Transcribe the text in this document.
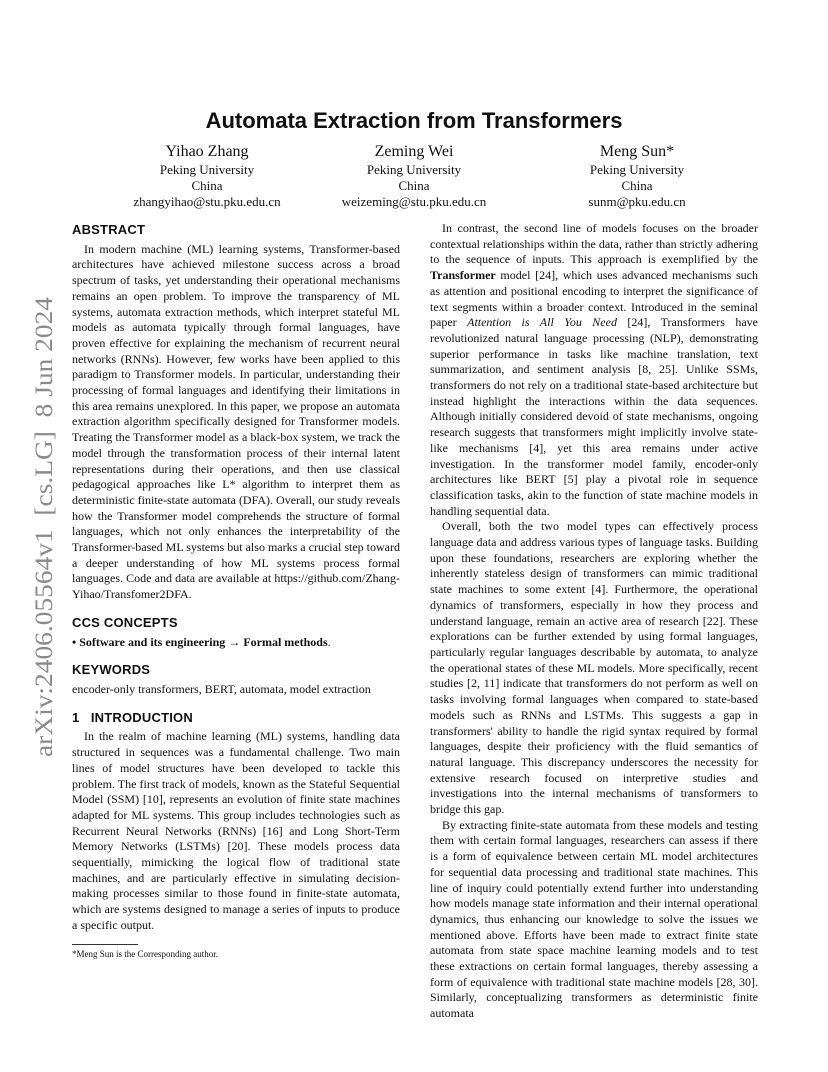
arXiv:2406.05564v1  [cs.LG]  8 Jun 2024
Automata Extraction from Transformers
Yihao Zhang
Peking University
China
zhangyihao@stu.pku.edu.cn
Zeming Wei
Peking University
China
weizeming@stu.pku.edu.cn
Meng Sun*
Peking University
China
sunm@pku.edu.cn
ABSTRACT

In modern machine (ML) learning systems, Transformer-based architectures have achieved milestone success across a broad spectrum of tasks, yet understanding their operational mechanisms remains an open problem. To improve the transparency of ML systems, automata extraction methods, which interpret stateful ML models as automata typically through formal languages, have proven effective for explaining the mechanism of recurrent neural networks (RNNs). However, few works have been applied to this paradigm to Transformer models. In particular, understanding their processing of formal languages and identifying their limitations in this area remains unexplored. In this paper, we propose an automata extraction algorithm specifically designed for Transformer models. Treating the Transformer model as a black-box system, we track the model through the transformation process of their internal latent representations during their operations, and then use classical pedagogical approaches like L* algorithm to interpret them as deterministic finite-state automata (DFA). Overall, our study reveals how the Transformer model comprehends the structure of formal languages, which not only enhances the interpretability of the Transformer-based ML systems but also marks a crucial step toward a deeper understanding of how ML systems process formal languages. Code and data are available at https://github.com/Zhang-Yihao/Transfomer2DFA.

CCS CONCEPTS

• Software and its engineering → Formal methods.

KEYWORDS

encoder-only transformers, BERT, automata, model extraction

1   INTRODUCTION

In the realm of machine learning (ML) systems, handling data structured in sequences was a fundamental challenge. Two main lines of model structures have been developed to tackle this problem. The first track of models, known as the Stateful Sequential Model (SSM) [10], represents an evolution of finite state machines adapted for ML systems. This group includes technologies such as Recurrent Neural Networks (RNNs) [16] and Long Short-Term Memory Networks (LSTMs) [20]. These models process data sequentially, mimicking the logical flow of traditional state machines, and are particularly effective in simulating decision-making processes similar to those found in finite-state automata, which are systems designed to manage a series of inputs to produce a specific output.

In contrast, the second line of models focuses on the broader contextual relationships within the data, rather than strictly adhering to the sequence of inputs. This approach is exemplified by the Transformer model [24], which uses advanced mechanisms such as attention and positional encoding to interpret the significance of text segments within a broader context. Introduced in the seminal paper Attention is All You Need [24], Transformers have revolutionized natural language processing (NLP), demonstrating superior performance in tasks like machine translation, text summarization, and sentiment analysis [8, 25]. Unlike SSMs, transformers do not rely on a traditional state-based architecture but instead highlight the interactions within the data sequences. Although initially considered devoid of state mechanisms, ongoing research suggests that transformers might implicitly involve state-like mechanisms [4], yet this area remains under active investigation. In the transformer model family, encoder-only architectures like BERT [5] play a pivotal role in sequence classification tasks, akin to the function of state machine models in handling sequential data.

Overall, both the two model types can effectively process language data and address various types of language tasks. Building upon these foundations, researchers are exploring whether the inherently stateless design of transformers can mimic traditional state machines to some extent [4]. Furthermore, the operational dynamics of transformers, especially in how they process and understand language, remain an active area of research [22]. These explorations can be further extended by using formal languages, particularly regular languages describable by automata, to analyze the operational states of these ML models. More specifically, recent studies [2, 11] indicate that transformers do not perform as well on tasks involving formal languages when compared to state-based models such as RNNs and LSTMs. This suggests a gap in transformers' ability to handle the rigid syntax required by formal languages, despite their proficiency with the fluid semantics of natural language. This discrepancy underscores the necessity for extensive research focused on interpretive studies and investigations into the internal mechanisms of transformers to bridge this gap.

By extracting finite-state automata from these models and testing them with certain formal languages, researchers can assess if there is a form of equivalence between certain ML model architectures for sequential data processing and traditional state machines. This line of inquiry could potentially extend further into understanding how models manage state information and their internal operational dynamics, thus enhancing our knowledge to solve the issues we mentioned above. Efforts have been made to extract finite state automata from state space machine learning models and to test these extractions on certain formal languages, thereby assessing a form of equivalence with traditional state machine models [28, 30]. Similarly, conceptualizing transformers as deterministic finite automata

*Meng Sun is the Corresponding author.
